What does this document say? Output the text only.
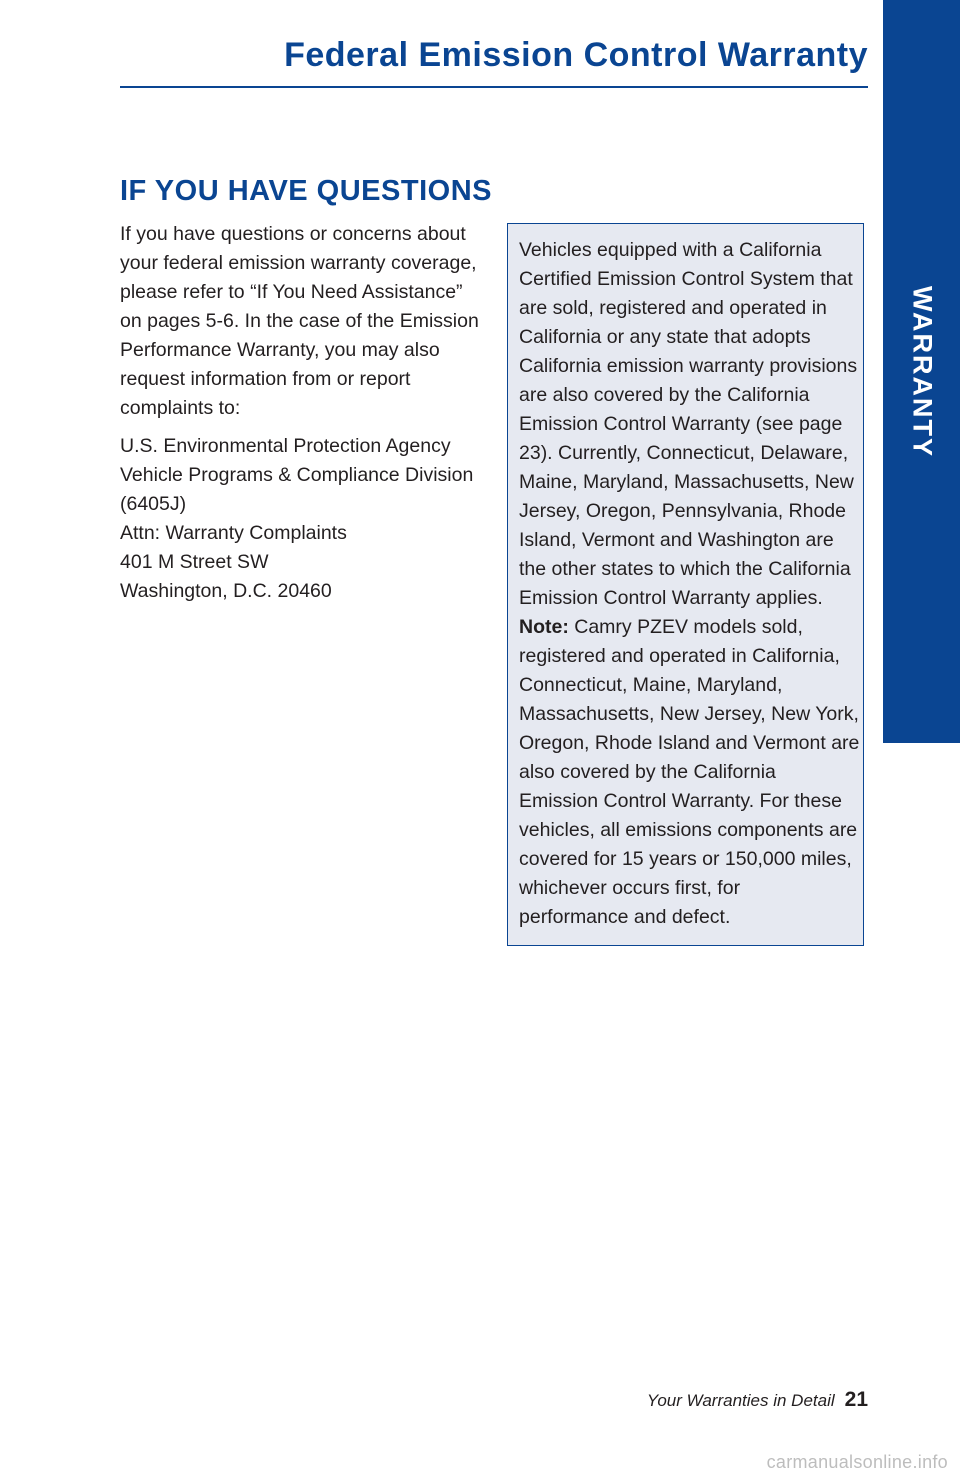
Federal Emission Control Warranty
WARRANTY
IF YOU HAVE QUESTIONS

If you have questions or concerns about
your federal emission warranty coverage,
please refer to “If You Need Assistance”
on pages 5-6. In the case of the Emission
Performance Warranty, you may also
request information from or report
complaints to:

U.S. Environmental Protection Agency
Vehicle Programs & Compliance Division
(6405J)
Attn: Warranty Complaints
401 M Street SW
Washington, D.C. 20460

Vehicles equipped with a California
Certified Emission Control System that
are sold, registered and operated in
California or any state that adopts
California emission warranty provisions
are also covered by the California
Emission Control Warranty (see page
23). Currently, Connecticut, Delaware,
Maine, Maryland, Massachusetts, New
Jersey, Oregon, Pennsylvania, Rhode
Island, Vermont and Washington are
the other states to which the California
Emission Control Warranty applies.
Note: Camry PZEV models sold,
registered and operated in California,
Connecticut, Maine, Maryland,
Massachusetts, New Jersey, New York,
Oregon, Rhode Island and Vermont are
also covered by the California
Emission Control Warranty. For these
vehicles, all emissions components are
covered for 15 years or 150,000 miles,
whichever occurs first, for
performance and defect.
Your Warranties in Detail 21
carmanualsonline.info
